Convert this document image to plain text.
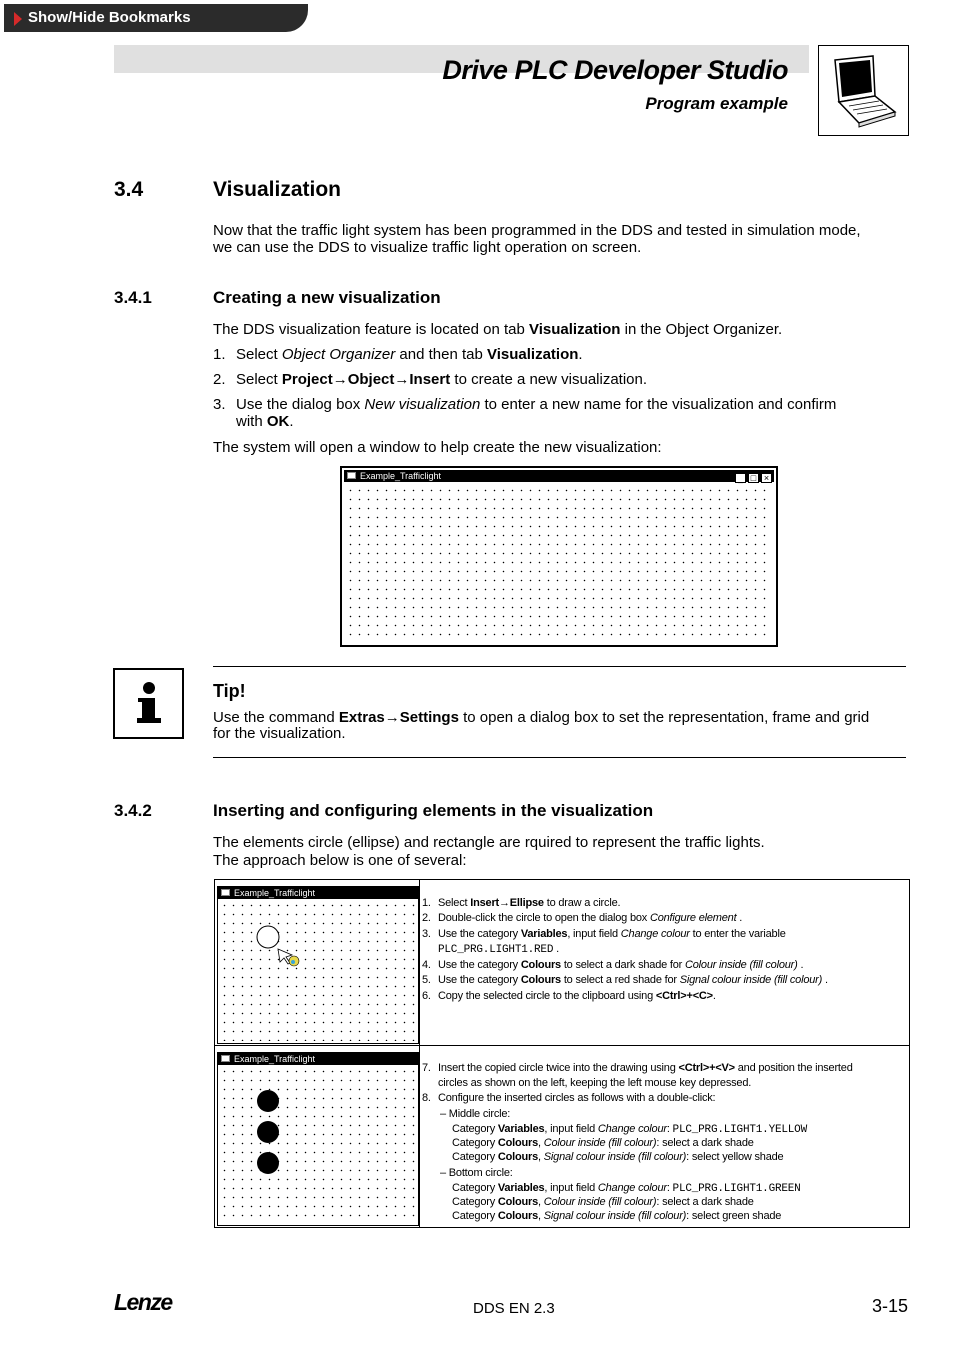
Show/Hide Bookmarks
Drive PLC Developer Studio
Program example
3.4	Visualization
Now that the traffic light system has been programmed in the DDS and tested in simulation mode,
we can use the DDS to visualize traffic light operation on screen.
3.4.1	Creating a new visualization
The DDS visualization feature is located on tab Visualization in the Object Organizer.
1. Select Object Organizer and then tab Visualization.
2. Select Project→Object→Insert to create a new visualization.
3. Use the dialog box New visualization to enter a new name for the visualization and confirm
with OK.
The system will open a window to help create the new visualization:
Example_Trafficlight	_ □ ×
Tip!
Use the command Extras→Settings to open a dialog box to set the representation, frame and grid
for the visualization.
3.4.2	Inserting and configuring elements in the visualization
The elements circle (ellipse) and rectangle are rquired to represent the traffic lights.
The approach below is one of several:
Example_Trafficlight
1. Select Insert→Ellipse to draw a circle.
2. Double-click the circle to open the dialog box Configure element .
3. Use the category Variables, input field Change colour to enter the variable
PLC_PRG.LIGHT1.RED .
4. Use the category Colours to select a dark shade for Colour inside (fill colour) .
5. Use the category Colours to select a red shade for Signal colour inside (fill colour) .
6. Copy the selected circle to the clipboard using <Ctrl>+<C>.
Example_Trafficlight
7. Insert the copied circle twice into the drawing using <Ctrl>+<V> and position the inserted
circles as shown on the left, keeping the left mouse key depressed.
8. Configure the inserted circles as follows with a double-click:
– Middle circle:
Category Variables, input field Change colour: PLC_PRG.LIGHT1.YELLOW
Category Colours, Colour inside (fill colour): select a dark shade
Category Colours, Signal colour inside (fill colour): select yellow shade
– Bottom circle:
Category Variables, input field Change colour: PLC_PRG.LIGHT1.GREEN
Category Colours, Colour inside (fill colour): select a dark shade
Category Colours, Signal colour inside (fill colour): select green shade
Lenze	DDS EN 2.3	3-15
